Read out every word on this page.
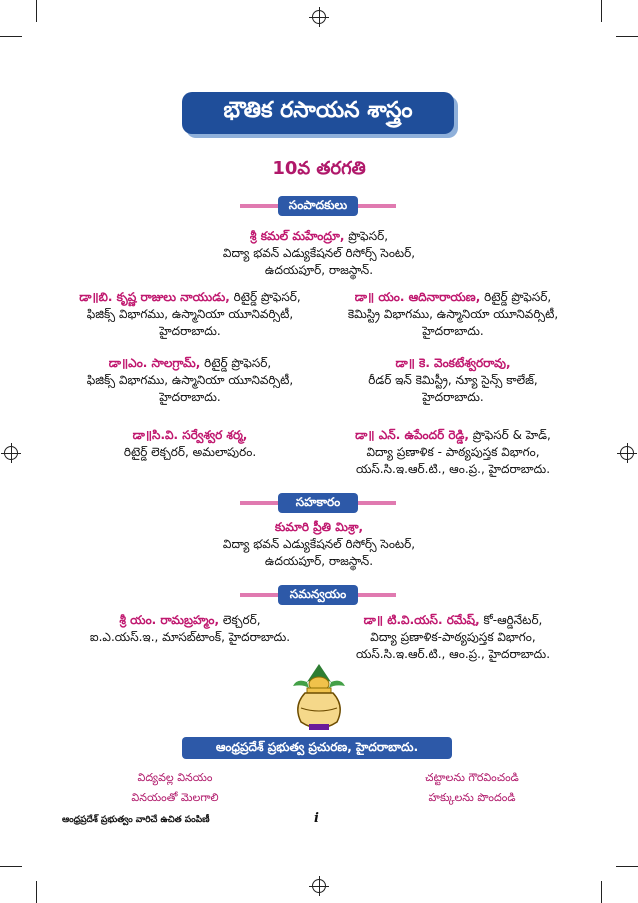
భౌతిక రసాయన శాస్త్రం
10వ తరగతి
సంపాదకులు
శ్రీ కమల్ మహేంద్రూ, ప్రొఫెసర్,
విద్యా భవన్ ఎడ్యుకేషనల్ రిసోర్స్ సెంటర్,
ఉదయపూర్, రాజస్థాన్.
డా॥బి. కృష్ణ రాజులు నాయుడు, రిటైర్డ్ ప్రొఫెసర్,
ఫిజిక్స్ విభాగము, ఉస్మానియా యూనివర్సిటీ,
హైదరాబాదు.
డా॥ యం. ఆదినారాయణ, రిటైర్డ్ ప్రొఫెసర్,
కెమిస్ట్రి విభాగము, ఉస్మానియా యూనివర్సిటీ,
హైదరాబాదు.
డా॥ఎం. సాలగ్రామ్, రిటైర్డ్ ప్రొఫెసర్,
ఫిజిక్స్ విభాగము, ఉస్మానియా యూనివర్సిటీ,
హైదరాబాదు.
డా॥ కె. వెంకటేశ్వరరావు,
రీడర్ ఇన్ కెమిస్ట్రీ, న్యూ సైన్స్ కాలేజ్,
హైదరాబాదు.
డా॥సి.వి. సర్వేశ్వర శర్మ,
రిటైర్డ్ లెక్చరర్, అమలాపురం.
డా॥ ఎన్. ఉపేందర్ రెడ్డి, ప్రొఫెసర్ & హెడ్,
విద్యా ప్రణాళిక - పాఠ్యపుస్తక విభాగం,
యస్.సి.ఇ.ఆర్.టి., ఆం.ప్ర., హైదరాబాదు.
సహకారం
కుమారి ప్రీతి మిశ్రా,
విద్యా భవన్ ఎడ్యుకేషనల్ రిసోర్స్ సెంటర్,
ఉదయపూర్, రాజస్థాన్.
సమన్వయం
శ్రీ యం. రామబ్రహ్మం, లెక్చరర్,
ఐ.ఎ.యస్.ఇ., మాసబ్‌టాంక్, హైదరాబాదు.
డా॥ టి.వి.యస్. రమేష్, కో-ఆర్డినేటర్,
విద్యా ప్రణాళిక-పాఠ్యపుస్తక విభాగం,
యస్.సి.ఇ.ఆర్.టి., ఆం.ప్ర., హైదరాబాదు.
ఆంధ్రప్రదేశ్ ప్రభుత్వ ప్రచురణ, హైదరాబాదు.
విద్యవల్ల వినయం
వినయంతో మెలగాలి
చట్టాలను గౌరవించండి
హక్కులను పొందండి
ఆంధ్రప్రదేశ్ ప్రభుత్వం వారిచే ఉచిత పంపిణీ	i
